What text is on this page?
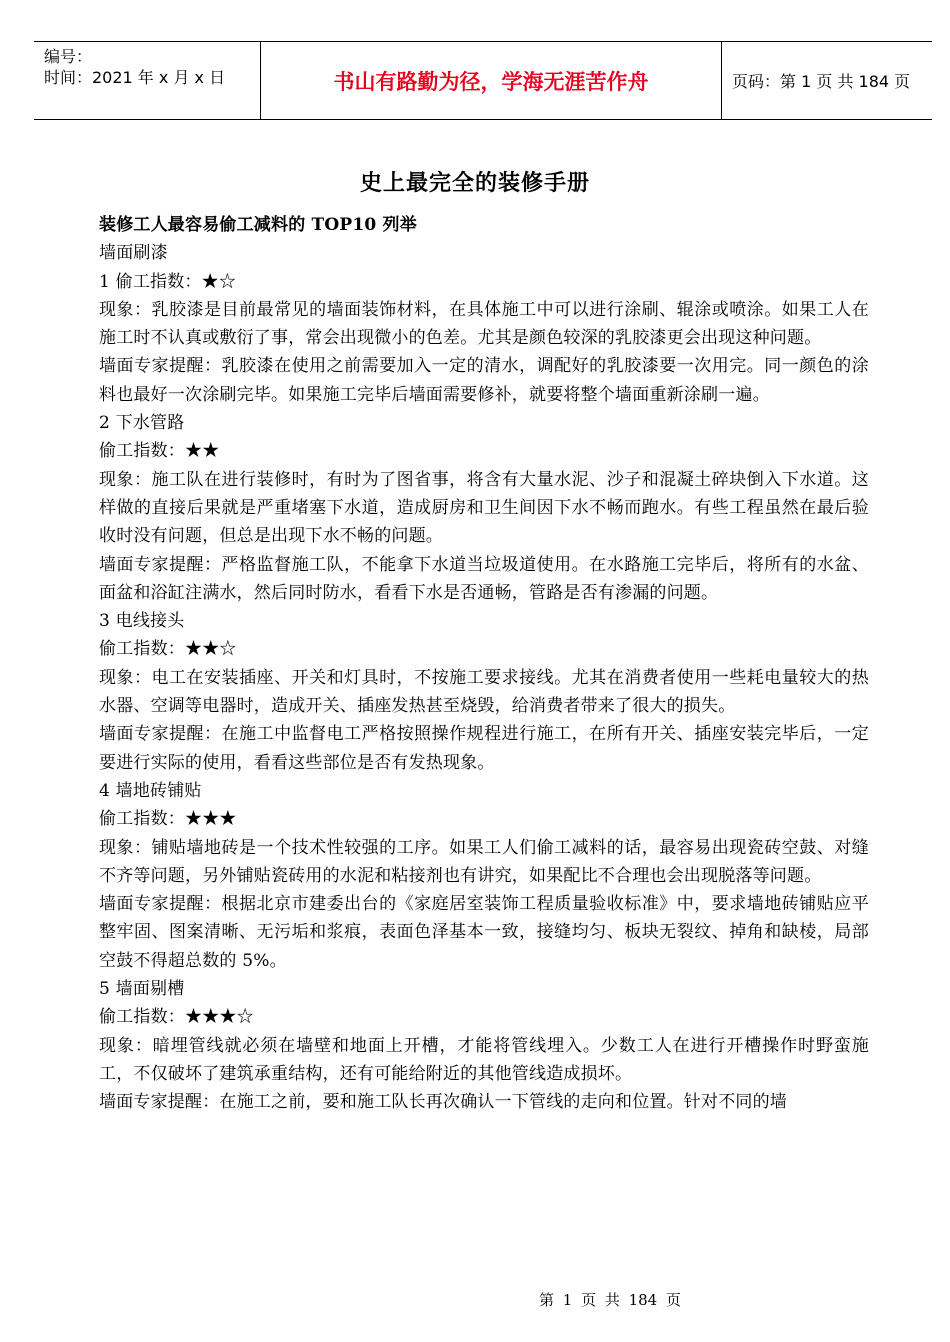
编号：
时间：2021 年 x 月 x 日	书山有路勤为径，学海无涯苦作舟	页码：第 1 页 共 184 页
史上最完全的装修手册

装修工人最容易偷工减料的 TOP10 列举

墙面刷漆

1 偷工指数：★☆

现象：乳胶漆是目前最常见的墙面装饰材料，在具体施工中可以进行涂刷、辊涂或喷涂。如果工人在施工时不认真或敷衍了事，常会出现微小的色差。尤其是颜色较深的乳胶漆更会出现这种问题。

墙面专家提醒：乳胶漆在使用之前需要加入一定的清水，调配好的乳胶漆要一次用完。同一颜色的涂料也最好一次涂刷完毕。如果施工完毕后墙面需要修补，就要将整个墙面重新涂刷一遍。

2 下水管路

偷工指数：★★

现象：施工队在进行装修时，有时为了图省事，将含有大量水泥、沙子和混凝土碎块倒入下水道。这样做的直接后果就是严重堵塞下水道，造成厨房和卫生间因下水不畅而跑水。有些工程虽然在最后验收时没有问题，但总是出现下水不畅的问题。

墙面专家提醒：严格监督施工队，不能拿下水道当垃圾道使用。在水路施工完毕后，将所有的水盆、面盆和浴缸注满水，然后同时防水，看看下水是否通畅，管路是否有渗漏的问题。

3 电线接头

偷工指数：★★☆

现象：电工在安装插座、开关和灯具时，不按施工要求接线。尤其在消费者使用一些耗电量较大的热水器、空调等电器时，造成开关、插座发热甚至烧毁，给消费者带来了很大的损失。

墙面专家提醒：在施工中监督电工严格按照操作规程进行施工，在所有开关、插座安装完毕后，一定要进行实际的使用，看看这些部位是否有发热现象。

4 墙地砖铺贴

偷工指数：★★★

现象：铺贴墙地砖是一个技术性较强的工序。如果工人们偷工减料的话，最容易出现瓷砖空鼓、对缝不齐等问题，另外铺贴瓷砖用的水泥和粘接剂也有讲究，如果配比不合理也会出现脱落等问题。

墙面专家提醒：根据北京市建委出台的《家庭居室装饰工程质量验收标准》中，要求墙地砖铺贴应平整牢固、图案清晰、无污垢和浆痕，表面色泽基本一致，接缝均匀、板块无裂纹、掉角和缺棱，局部空鼓不得超总数的 5%。

5 墙面剔槽

偷工指数：★★★☆

现象：暗埋管线就必须在墙壁和地面上开槽，才能将管线埋入。少数工人在进行开槽操作时野蛮施工，不仅破坏了建筑承重结构，还有可能给附近的其他管线造成损坏。

墙面专家提醒：在施工之前，要和施工队长再次确认一下管线的走向和位置。针对不同的墙

第 1 页 共 184 页
